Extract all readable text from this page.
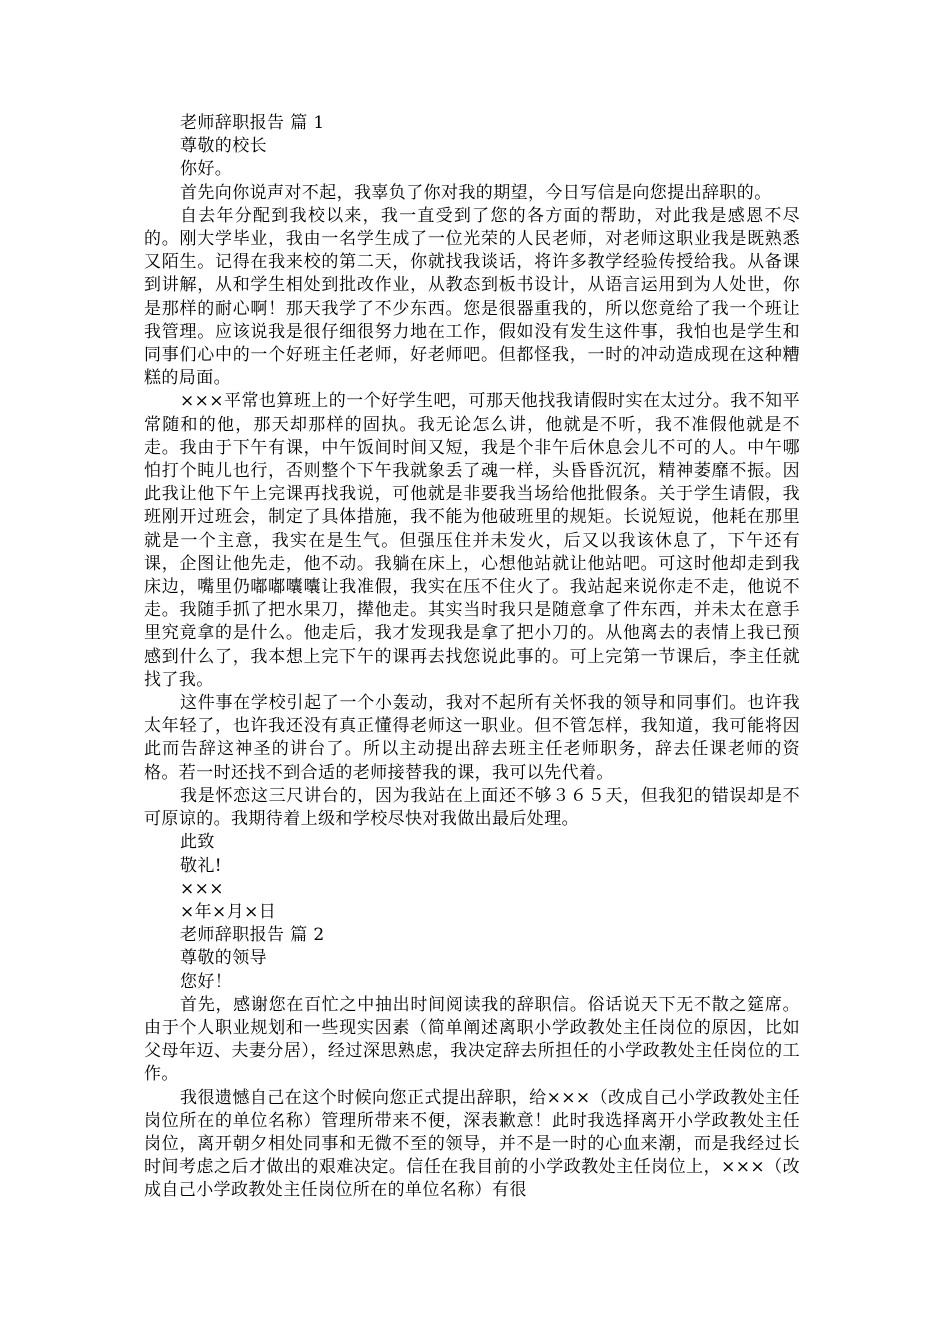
老师辞职报告 篇 1
尊敬的校长
你好。

首先向你说声对不起，我辜负了你对我的期望，今日写信是向您提出辞职的。

自去年分配到我校以来，我一直受到了您的各方面的帮助，对此我是感恩不尽的。刚大学毕业，我由一名学生成了一位光荣的人民老师，对老师这职业我是既熟悉又陌生。记得在我来校的第二天，你就找我谈话，将许多教学经验传授给我。从备课到讲解，从和学生相处到批改作业，从教态到板书设计，从语言运用到为人处世，你是那样的耐心啊！那天我学了不少东西。您是很器重我的，所以您竟给了我一个班让我管理。应该说我是很仔细很努力地在工作，假如没有发生这件事，我怕也是学生和同事们心中的一个好班主任老师，好老师吧。但都怪我，一时的冲动造成现在这种糟糕的局面。

×××平常也算班上的一个好学生吧，可那天他找我请假时实在太过分。我不知平常随和的他，那天却那样的固执。我无论怎么讲，他就是不听，我不准假他就是不走。我由于下午有课，中午饭间时间又短，我是个非午后休息会儿不可的人。中午哪怕打个盹儿也行，否则整个下午我就象丢了魂一样，头昏昏沉沉，精神萎靡不振。因此我让他下午上完课再找我说，可他就是非要我当场给他批假条。关于学生请假，我班刚开过班会，制定了具体措施，我不能为他破班里的规矩。长说短说，他耗在那里就是一个主意，我实在是生气。但强压住并未发火，后又以我该休息了，下午还有课，企图让他先走，他不动。我躺在床上，心想他站就让他站吧。可这时他却走到我床边，嘴里仍嘟嘟囔囔让我准假，我实在压不住火了。我站起来说你走不走，他说不走。我随手抓了把水果刀，撵他走。其实当时我只是随意拿了件东西，并未太在意手里究竟拿的是什么。他走后，我才发现我是拿了把小刀的。从他离去的表情上我已预感到什么了，我本想上完下午的课再去找您说此事的。可上完第一节课后，李主任就找了我。

这件事在学校引起了一个小轰动，我对不起所有关怀我的领导和同事们。也许我太年轻了，也许我还没有真正懂得老师这一职业。但不管怎样，我知道，我可能将因此而告辞这神圣的讲台了。所以主动提出辞去班主任老师职务，辞去任课老师的资格。若一时还找不到合适的老师接替我的课，我可以先代着。

我是怀恋这三尺讲台的，因为我站在上面还不够３６５天，但我犯的错误却是不可原谅的。我期待着上级和学校尽快对我做出最后处理。

此致
敬礼!
×××
×年×月×日
老师辞职报告 篇 2
尊敬的领导
您好！

首先，感谢您在百忙之中抽出时间阅读我的辞职信。俗话说天下无不散之筵席。由于个人职业规划和一些现实因素（简单阐述离职小学政教处主任岗位的原因，比如父母年迈、夫妻分居），经过深思熟虑，我决定辞去所担任的小学政教处主任岗位的工作。

我很遗憾自己在这个时候向您正式提出辞职，给×××（改成自己小学政教处主任岗位所在的单位名称）管理所带来不便，深表歉意！此时我选择离开小学政教处主任岗位，离开朝夕相处同事和无微不至的领导，并不是一时的心血来潮，而是我经过长时间考虑之后才做出的艰难决定。信任在我目前的小学政教处主任岗位上，×××（改成自己小学政教处主任岗位所在的单位名称）有很
